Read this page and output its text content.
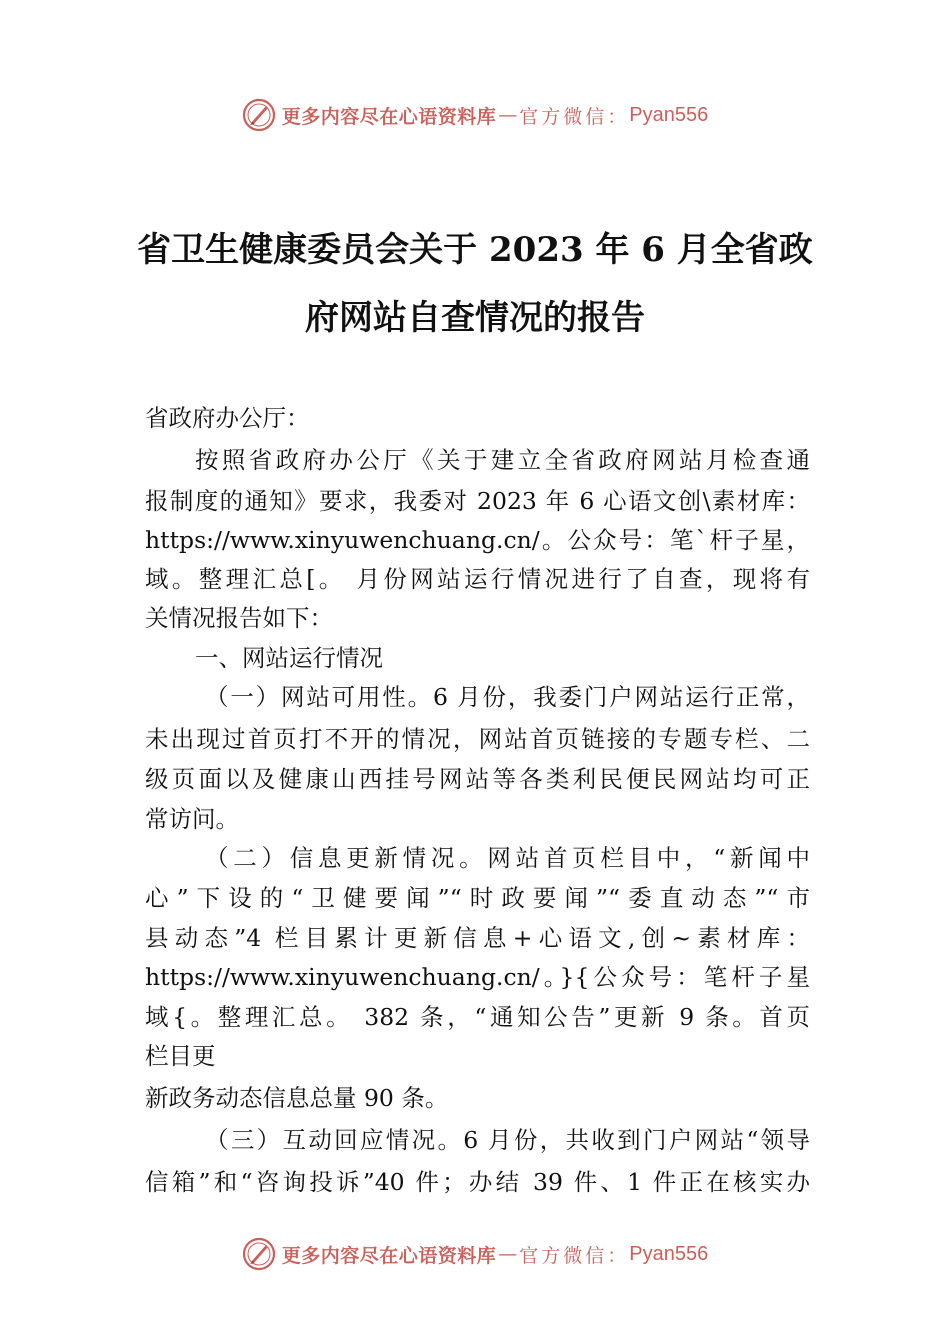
更多内容尽在心语资料库 — 官方微信： Pyan556
省卫生健康委员会关于 2023 年 6 月全省政
府网站自查情况的报告
省政府办公厅：
按照省政府办公厅《关于建立全省政府网站月检查通
报制度的通知》要求，我委对 2023 年 6 心语文创\素材库：
https://www.xinyuwenchuang.cn/。公众号：笔`杆子星，
域。整理汇总[。 月份网站运行情况进行了自查，现将有
关情况报告如下：
一、网站运行情况
（一）网站可用性。6 月份，我委门户网站运行正常，
未出现过首页打不开的情况，网站首页链接的专题专栏、二
级页面以及健康山西挂号网站等各类利民便民网站均可正
常访问。
（二）信息更新情况。网站首页栏目中，“新闻中
心”下设的“卫健要闻”“时政要闻”“委直动态”“市
县动态”4 栏目累计更新信息+心语文,创~素材库：
https://www.xinyuwenchuang.cn/。}{公众号：笔杆子星
域{。整理汇总。 382 条，“通知公告”更新 9 条。首页
栏目更
新政务动态信息总量 90 条。
（三）互动回应情况。6 月份，共收到门户网站“领导
信箱”和“咨询投诉”40 件；办结 39 件、1 件正在核实办
更多内容尽在心语资料库 — 官方微信： Pyan556
